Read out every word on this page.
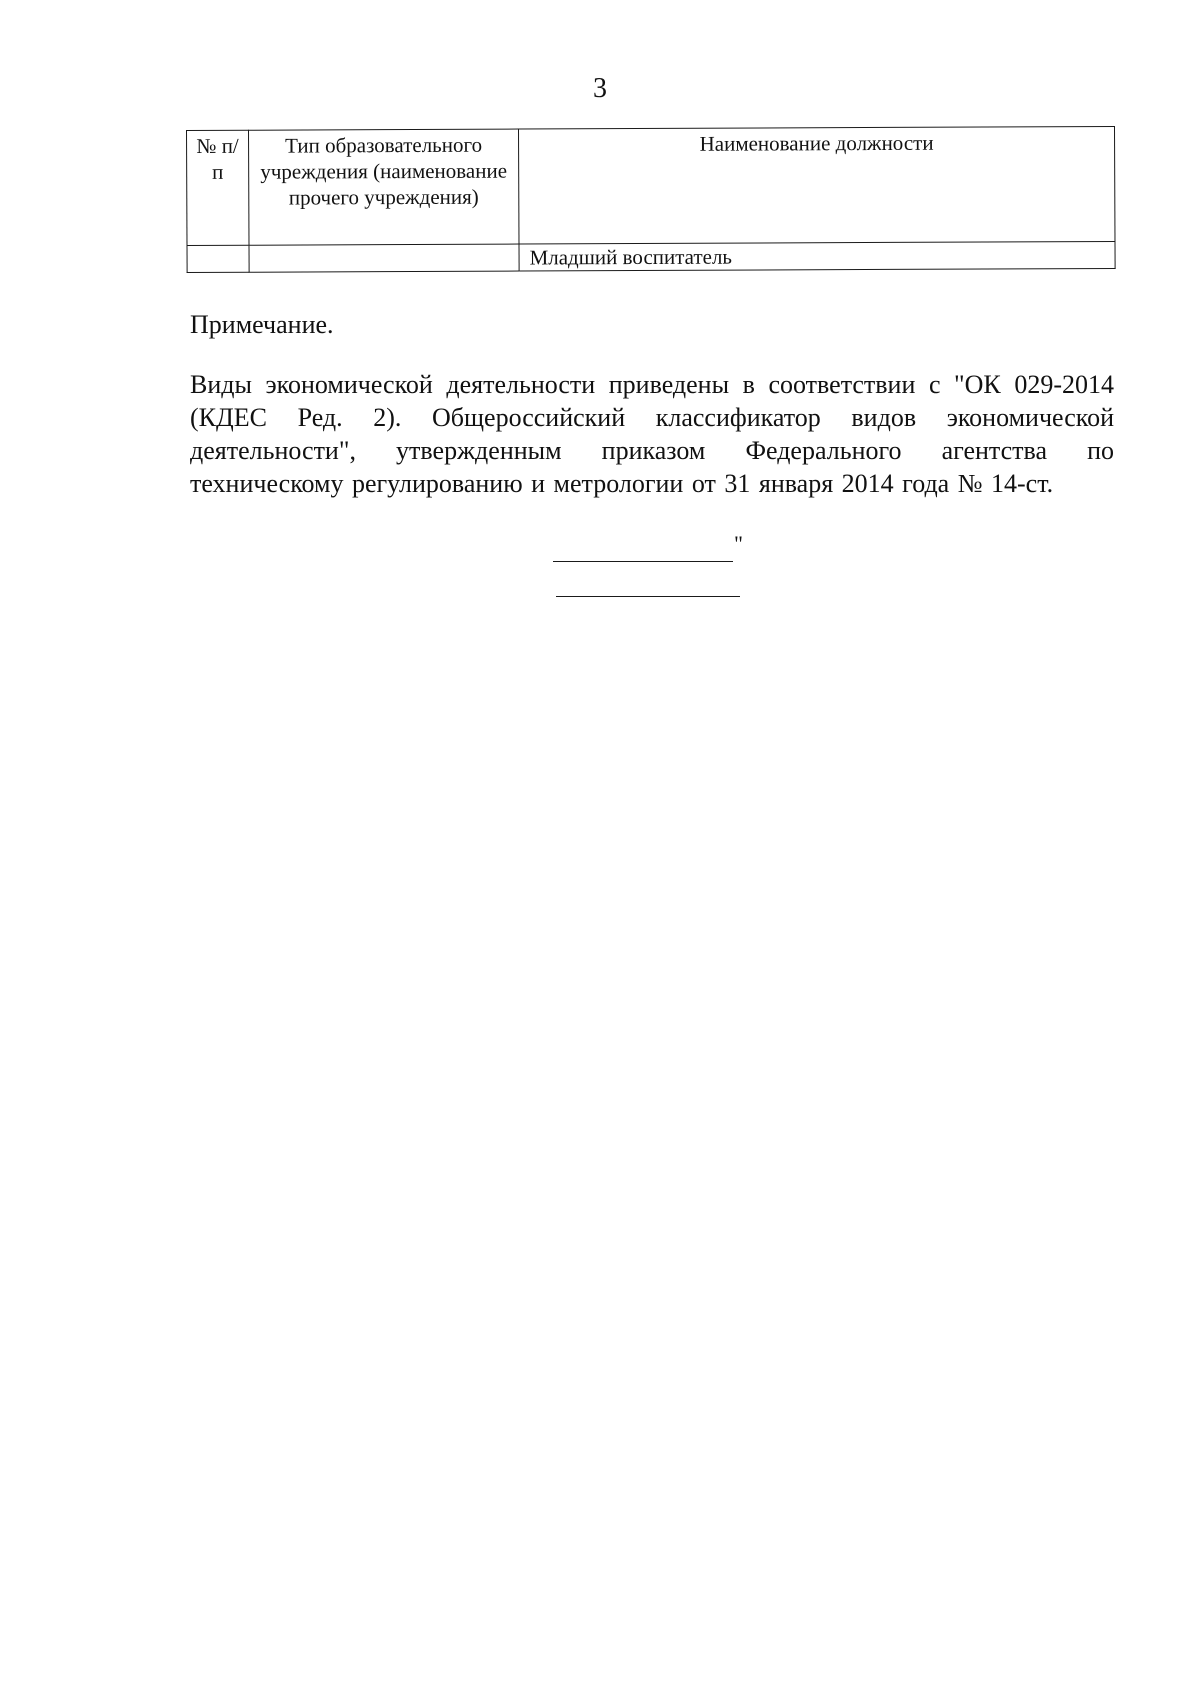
3
№ п/п	Тип образовательного учреждения (наименование прочего учреждения)	Наименование должности
		Младший воспитатель
Примечание.
Виды экономической деятельности приведены в соответствии с "ОК 029-2014 (КДЕС Ред. 2). Общероссийский классификатор видов экономической деятельности", утвержденным приказом Федерального агентства по техническому регулированию и метрологии от 31 января 2014 года № 14-ст.
"
